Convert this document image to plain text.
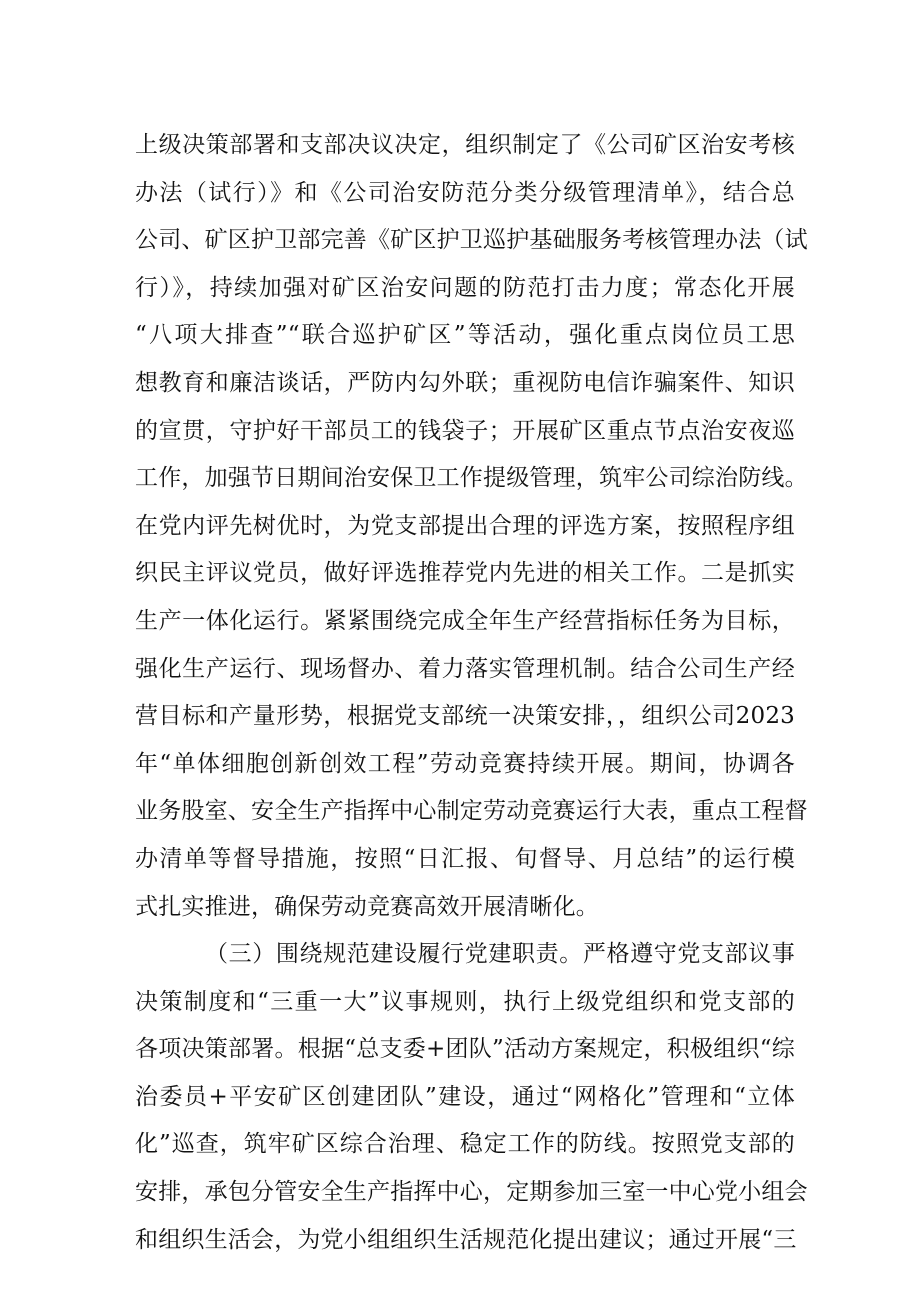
上级决策部署和支部决议决定，组织制定了《公司矿区治安考核
办法（试行）》和《公司治安防范分类分级管理清单》，结合总
公司、矿区护卫部完善《矿区护卫巡护基础服务考核管理办法（试
行）》，持续加强对矿区治安问题的防范打击力度；常态化开展
“八项大排查”“联合巡护矿区”等活动，强化重点岗位员工思
想教育和廉洁谈话，严防内勾外联；重视防电信诈骗案件、知识
的宣贯，守护好干部员工的钱袋子；开展矿区重点节点治安夜巡
工作，加强节日期间治安保卫工作提级管理，筑牢公司综治防线。
在党内评先树优时，为党支部提出合理的评选方案，按照程序组
织民主评议党员，做好评选推荐党内先进的相关工作。二是抓实
生产一体化运行。紧紧围绕完成全年生产经营指标任务为目标，
强化生产运行、现场督办、着力落实管理机制。结合公司生产经
营目标和产量形势，根据党支部统一决策安排，，组织公司2023
年“单体细胞创新创效工程”劳动竞赛持续开展。期间，协调各
业务股室、安全生产指挥中心制定劳动竞赛运行大表，重点工程督
办清单等督导措施，按照“日汇报、旬督导、月总结”的运行模
式扎实推进，确保劳动竞赛高效开展清晰化。
（三）围绕规范建设履行党建职责。严格遵守党支部议事
决策制度和“三重一大”议事规则，执行上级党组织和党支部的
各项决策部署。根据“总支委+团队”活动方案规定，积极组织“综
治委员+平安矿区创建团队”建设，通过“网格化”管理和“立体
化”巡查，筑牢矿区综合治理、稳定工作的防线。按照党支部的
安排，承包分管安全生产指挥中心，定期参加三室一中心党小组会
和组织生活会，为党小组组织生活规范化提出建议；通过开展“三
